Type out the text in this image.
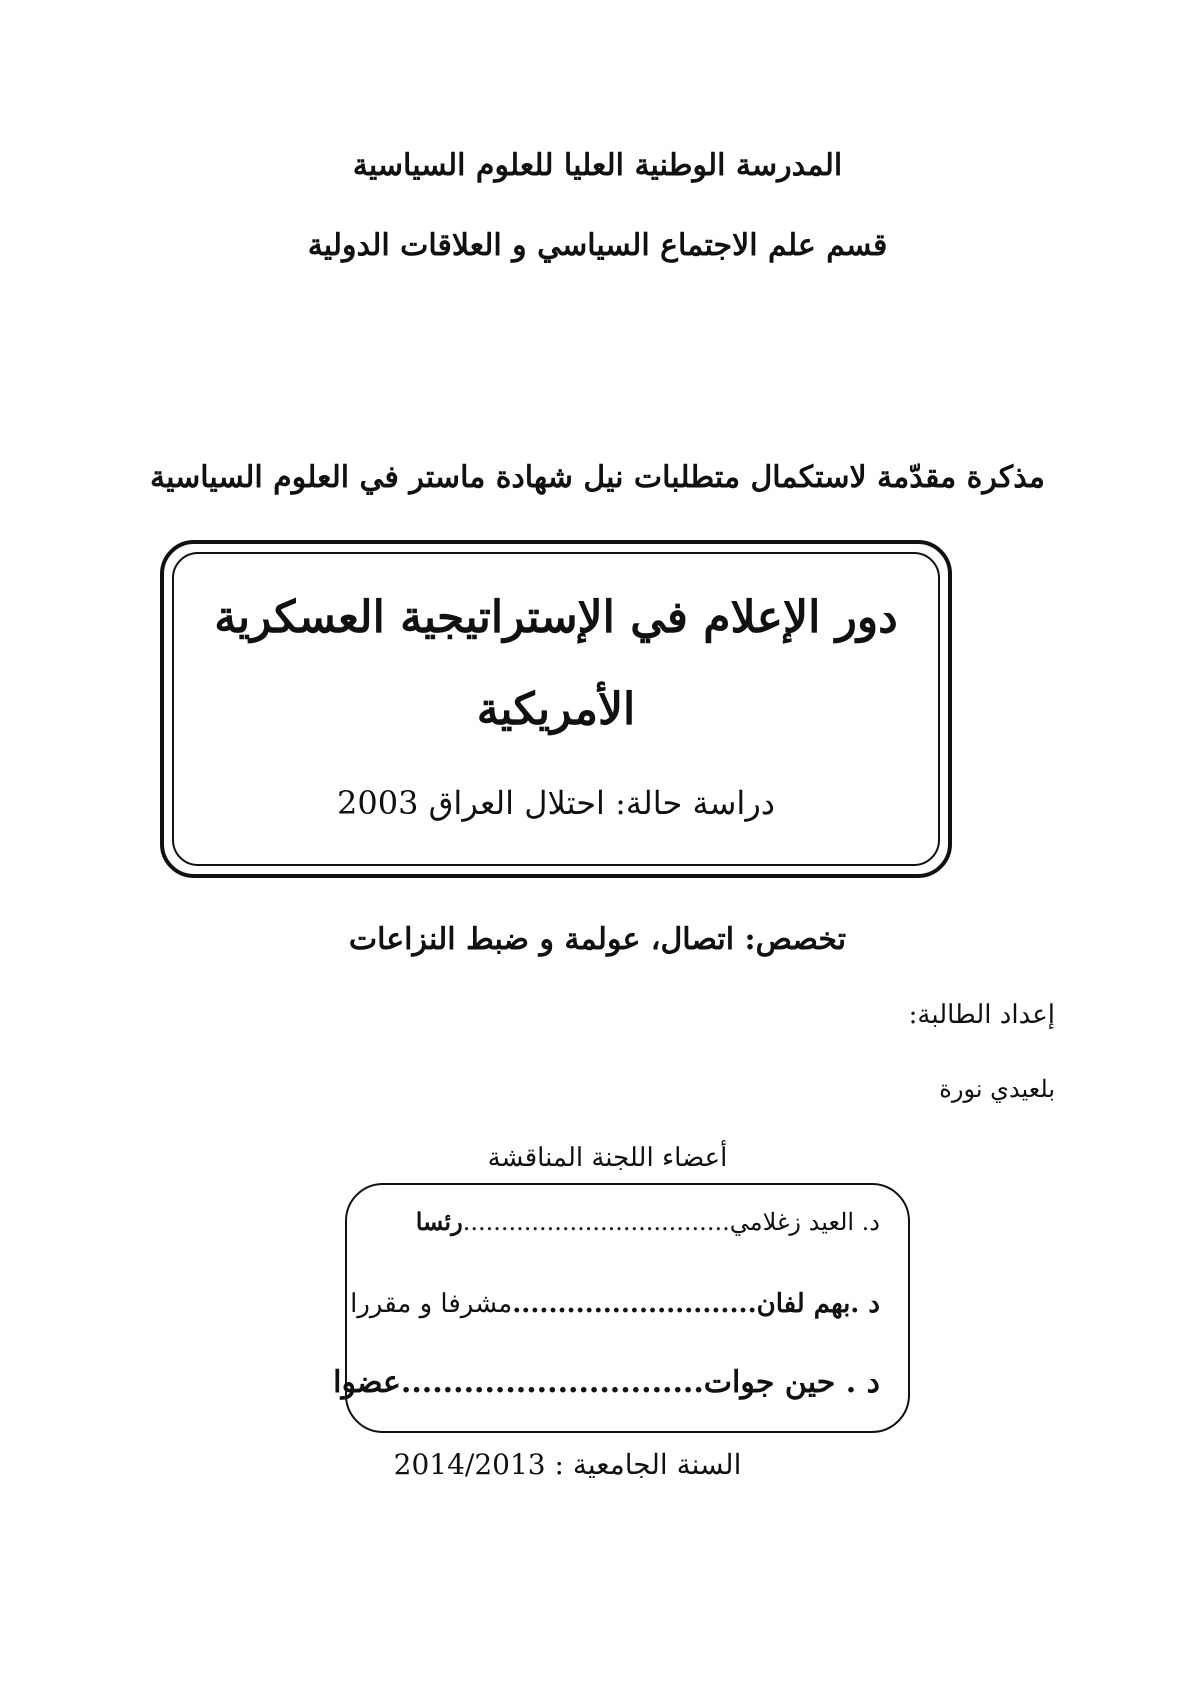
المدرسة الوطنية العليا للعلوم السياسية
قسم علم الاجتماع السياسي و العلاقات الدولية
مذكرة مقدّمة لاستكمال متطلبات نيل شهادة ماستر في العلوم السياسية
دور الإعلام في الإستراتيجية العسكرية
الأمريكية
دراسة حالة: احتلال العراق 2003
تخصص: اتصال، عولمة و ضبط النزاعات
إعداد الطالبة:
بلعيدي نورة
أعضاء اللجنة المناقشة
د. العيد زغلامي...................................رئسا
د .بهم لفان...........................مشرفا و مقررا
د . حين جوات.............................عضوا
السنة الجامعية : 2014/2013
